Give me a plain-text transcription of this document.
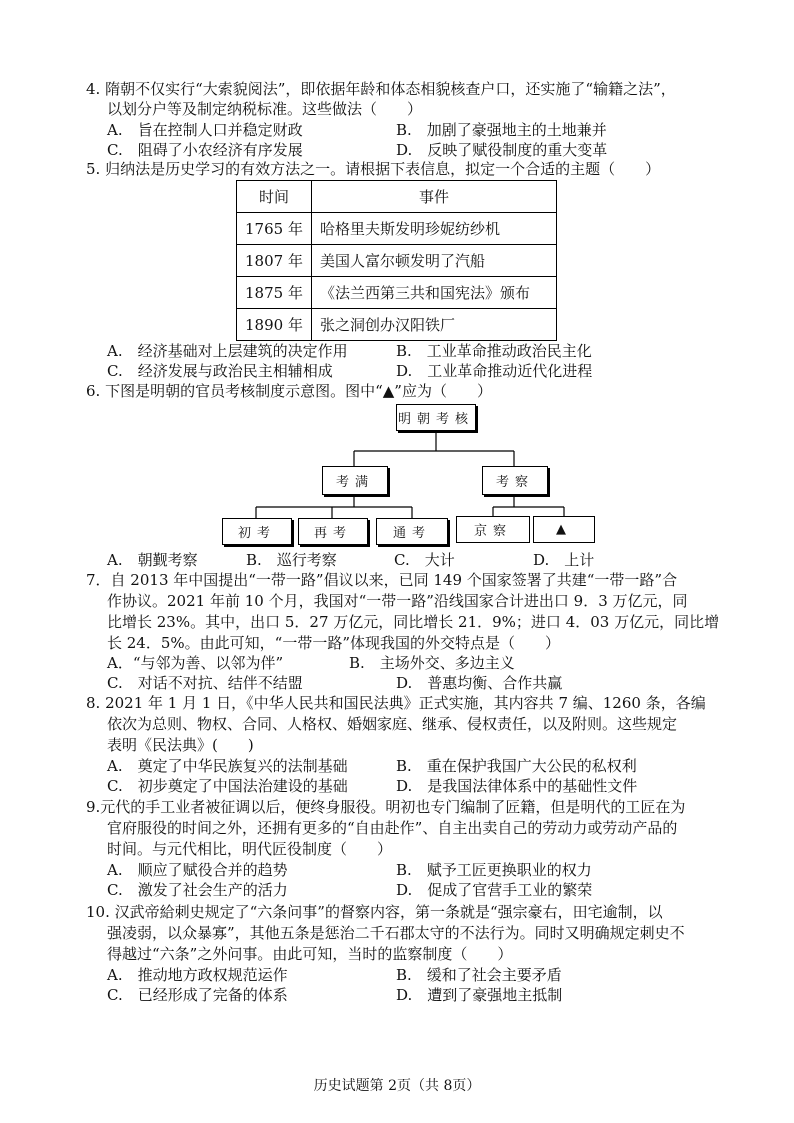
4. 隋朝不仅实行“大索貌阅法”，即依据年龄和体态相貌核查户口，还实施了“输籍之法”，
以划分户等及制定纳税标准。这些做法（　　）
A.　旨在控制人口并稳定财政	B.　加剧了豪强地主的土地兼并
C.　阻碍了小农经济有序发展	D.　反映了赋役制度的重大变革
5. 归纳法是历史学习的有效方法之一。请根据下表信息，拟定一个合适的主题（　　）
时间	事件
1765 年	哈格里夫斯发明珍妮纺纱机
1807 年	美国人富尔顿发明了汽船
1875 年	《法兰西第三共和国宪法》颁布
1890 年	张之洞创办汉阳铁厂
A.　经济基础对上层建筑的决定作用	B.　工业革命推动政治民主化
C.　经济发展与政治民主相辅相成	D.　工业革命推动近代化进程
6. 下图是明朝的官员考核制度示意图。图中“▲”应为（　　）
明朝考核
考满	考察
初考	再考	通考	京察	▲
A.　朝觐考察	B.　巡行考察	C.　大计	D.　上计
7．自 2013 年中国提出“一带一路”倡议以来，已同 149 个国家签署了共建“一带一路”合
作协议。2021 年前 10 个月，我国对“一带一路”沿线国家合计进出口 9．3 万亿元，同
比增长 23%。其中，出口 5．27 万亿元，同比增长 21．9%；进口 4．03 万亿元，同比增
长 24．5%。由此可知，“一带一路”体现我国的外交特点是（　　）
A．“与邻为善、以邻为伴”	B.　主场外交、多边主义
C.　对话不对抗、结伴不结盟	D.　普惠均衡、合作共赢
8. 2021 年 1 月 1 日，《中华人民共和国民法典》正式实施，其内容共 7 编、1260 条，各编
依次为总则、物权、合同、人格权、婚姻家庭、继承、侵权责任，以及附则。这些规定
表明《民法典》(　　)
A.　奠定了中华民族复兴的法制基础	B.　重在保护我国广大公民的私权利
C.　初步奠定了中国法治建设的基础	D.　是我国法律体系中的基础性文件
9.元代的手工业者被征调以后，便终身服役。明初也专门编制了匠籍，但是明代的工匠在为
官府服役的时间之外，还拥有更多的“自由赴作”、自主出卖自己的劳动力或劳动产品的
时间。与元代相比，明代匠役制度（　　）
A.　顺应了赋役合并的趋势	B.　赋予工匠更换职业的权力
C.　激发了社会生产的活力	D.　促成了官营手工业的繁荣
10. 汉武帝給刺史规定了“六条问事”的督察内容，第一条就是“强宗豪右，田宅逾制，以
强凌弱，以众暴寡”，其他五条是惩治二千石郡太守的不法行为。同时又明确规定刺史不
得越过“六条”之外问事。由此可知，当时的监察制度（　　）
A.　推动地方政权规范运作	B.　缓和了社会主要矛盾
C.　已经形成了完备的体系	D.　遭到了豪强地主抵制
历史试题第 2页（共 8页）
